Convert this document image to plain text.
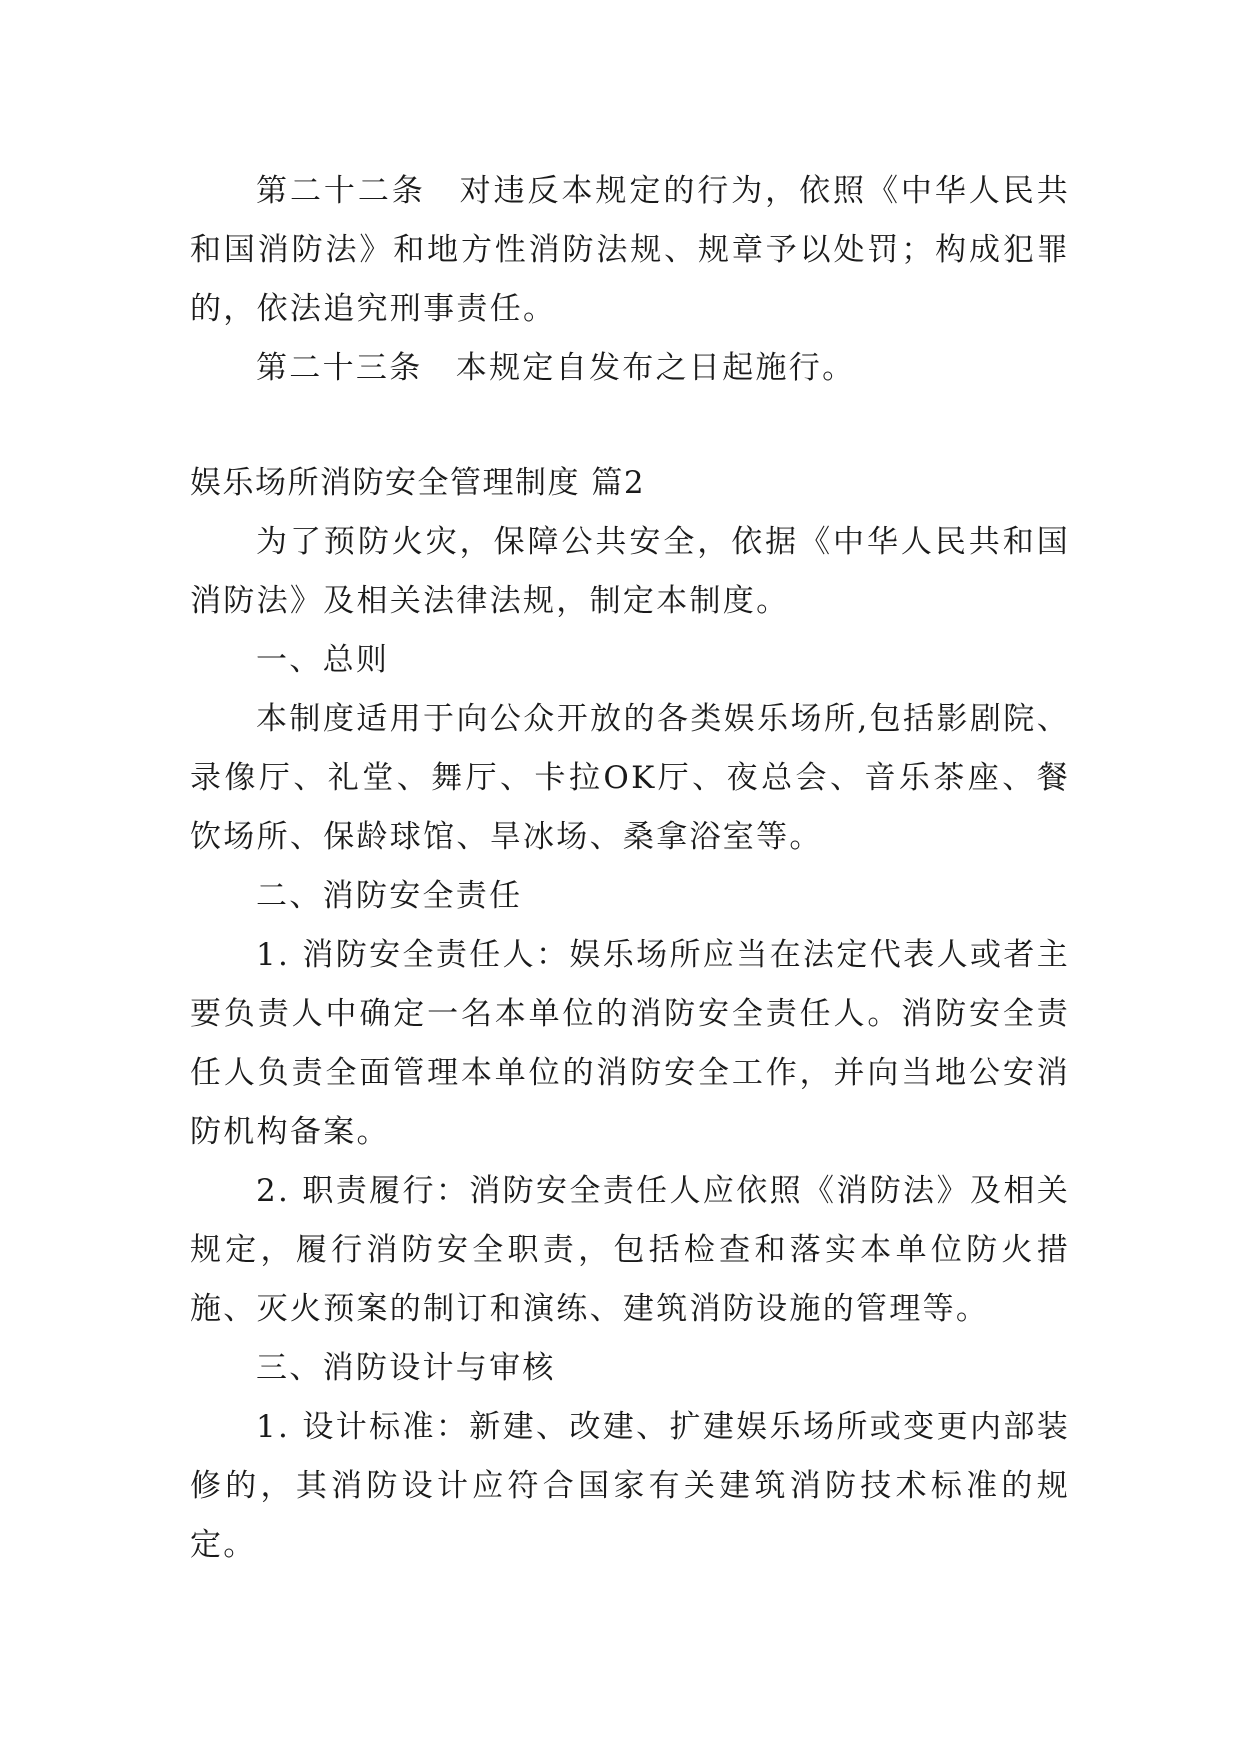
第二十二条　对违反本规定的行为，依照《中华人民共和国消防法》和地方性消防法规、规章予以处罚；构成犯罪的，依法追究刑事责任。

第二十三条　本规定自发布之日起施行。

娱乐场所消防安全管理制度 篇2

为了预防火灾，保障公共安全，依据《中华人民共和国消防法》及相关法律法规，制定本制度。

一、总则

本制度适用于向公众开放的各类娱乐场所,包括影剧院、录像厅、礼堂、舞厅、卡拉OK厅、夜总会、音乐茶座、餐饮场所、保龄球馆、旱冰场、桑拿浴室等。

二、消防安全责任

1. 消防安全责任人：娱乐场所应当在法定代表人或者主要负责人中确定一名本单位的消防安全责任人。消防安全责任人负责全面管理本单位的消防安全工作，并向当地公安消防机构备案。

2. 职责履行：消防安全责任人应依照《消防法》及相关规定，履行消防安全职责，包括检查和落实本单位防火措施、灭火预案的制订和演练、建筑消防设施的管理等。

三、消防设计与审核

1. 设计标准：新建、改建、扩建娱乐场所或变更内部装修的，其消防设计应符合国家有关建筑消防技术标准的规定。
